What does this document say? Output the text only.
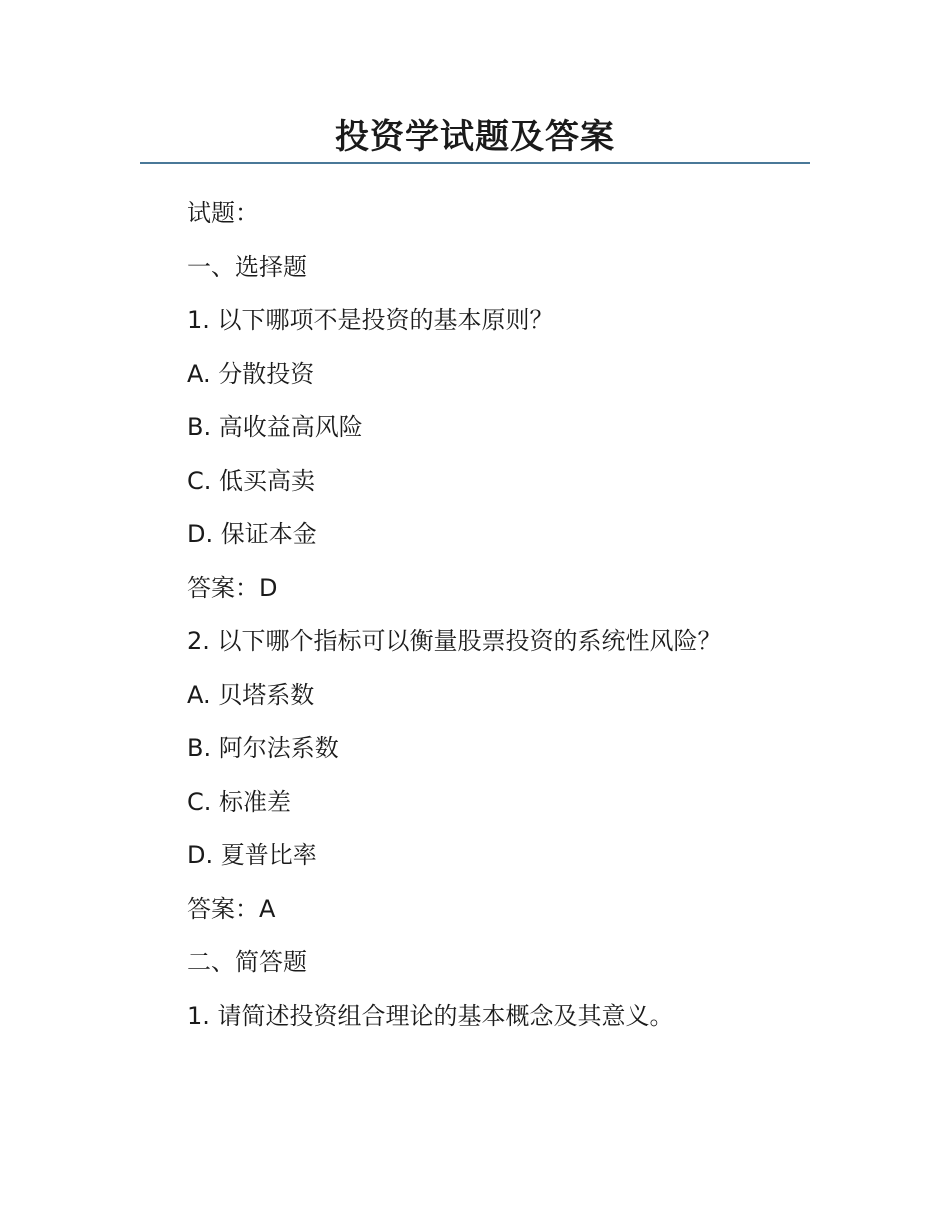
投资学试题及答案
试题：
一、选择题
1. 以下哪项不是投资的基本原则？
A. 分散投资
B. 高收益高风险
C. 低买高卖
D. 保证本金
答案：D
2. 以下哪个指标可以衡量股票投资的系统性风险？
A. 贝塔系数
B. 阿尔法系数
C. 标准差
D. 夏普比率
答案：A
二、简答题
1. 请简述投资组合理论的基本概念及其意义。
